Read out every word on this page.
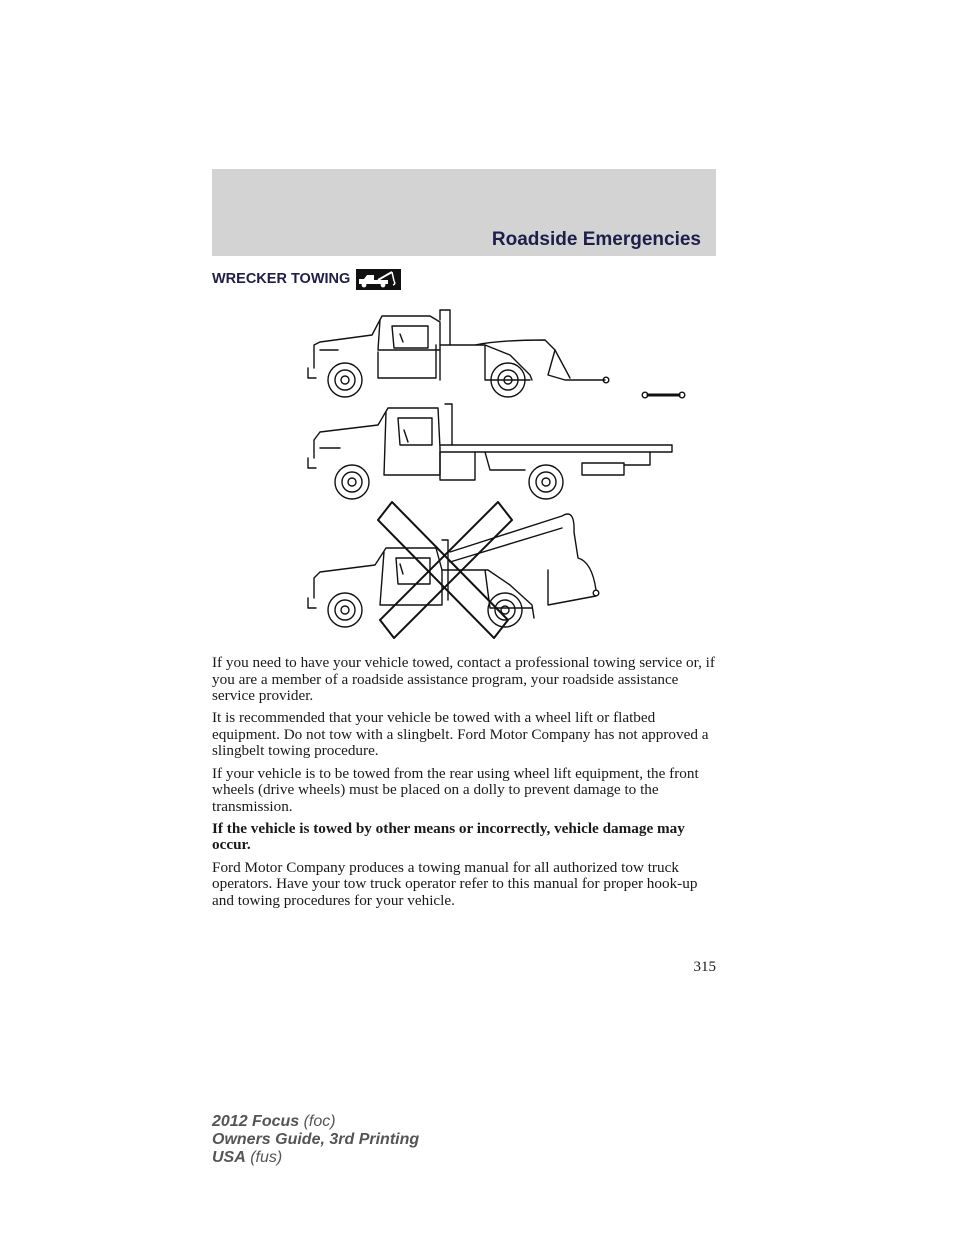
Roadside Emergencies
WRECKER TOWING

If you need to have your vehicle towed, contact a professional towing service or, if you are a member of a roadside assistance program, your roadside assistance service provider.

It is recommended that your vehicle be towed with a wheel lift or flatbed equipment. Do not tow with a slingbelt. Ford Motor Company has not approved a slingbelt towing procedure.

If your vehicle is to be towed from the rear using wheel lift equipment, the front wheels (drive wheels) must be placed on a dolly to prevent damage to the transmission.

If the vehicle is towed by other means or incorrectly, vehicle damage may occur.

Ford Motor Company produces a towing manual for all authorized tow truck operators. Have your tow truck operator refer to this manual for proper hook-up and towing procedures for your vehicle.

315
2012 Focus (foc)
Owners Guide, 3rd Printing
USA (fus)
